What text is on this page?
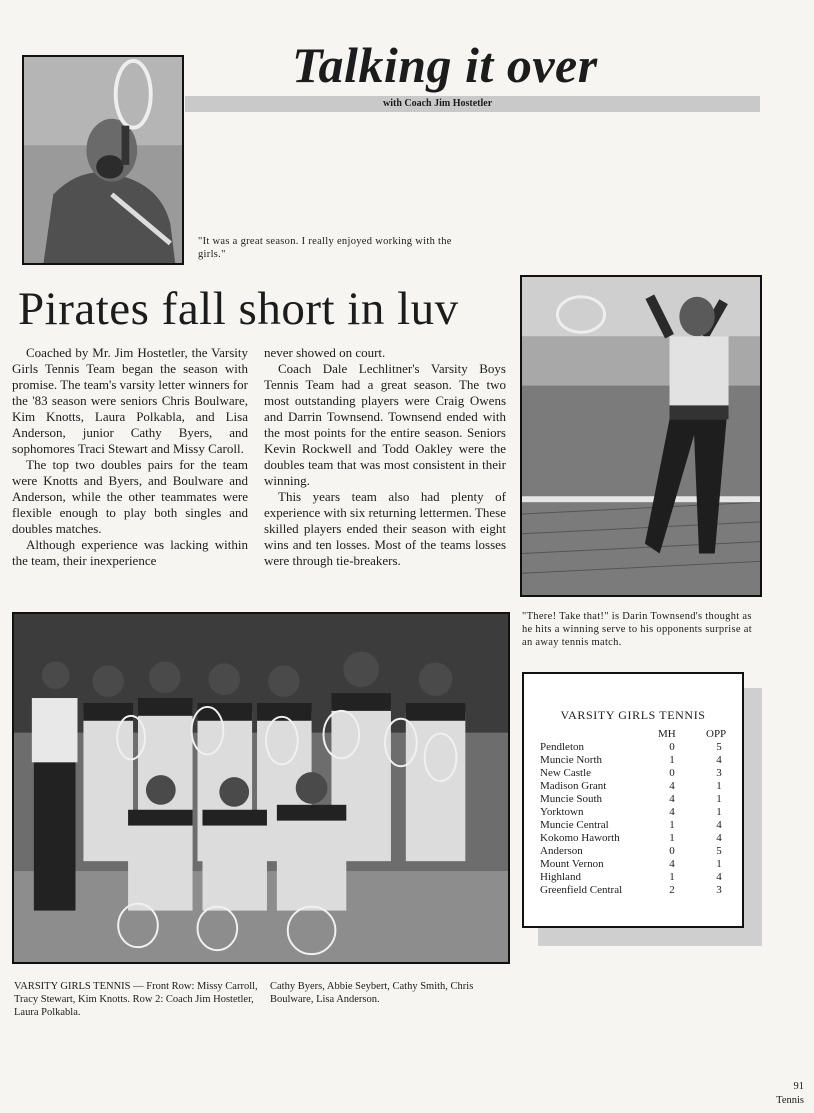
Talking it over
with Coach Jim Hostetler
"It was a great season. I really enjoyed working with the girls."
Pirates fall short in luv

Coached by Mr. Jim Hostetler, the Varsity Girls Tennis Team began the season with promise. The team's varsity letter winners for the '83 season were seniors Chris Boulware, Kim Knotts, Laura Polkabla, and Lisa Anderson, junior Cathy Byers, and sophomores Traci Stewart and Missy Caroll.

The top two doubles pairs for the team were Knotts and Byers, and Boulware and Anderson, while the other teammates were flexible enough to play both singles and doubles matches.

Although experience was lacking within the team, their inexperience

never showed on court.

Coach Dale Lechlitner's Varsity Boys Tennis Team had a great season. The two most outstanding players were Craig Owens and Darrin Townsend. Townsend ended with the most points for the entire season. Seniors Kevin Rockwell and Todd Oakley were the doubles team that was most consistent in their winning.

This years team also had plenty of experience with six returning lettermen. These skilled players ended their season with eight wins and ten losses. Most of the teams losses were through tie-breakers.

"There! Take that!" is Darin Townsend's thought as he hits a winning serve to his opponents surprise at an away tennis match.
VARSITY GIRLS TENNIS
MH	OPP
Pendleton	0	5
Muncie North	1	4
New Castle	0	3
Madison Grant	4	1
Muncie South	4	1
Yorktown	4	1
Muncie Central	1	4
Kokomo Haworth	1	4
Anderson	0	5
Mount Vernon	4	1
Highland	1	4
Greenfield Central	2	3
VARSITY GIRLS TENNIS — Front Row: Missy Carroll, Tracy Stewart, Kim Knotts. Row 2: Coach Jim Hostetler, Laura Polkabla.
Cathy Byers, Abbie Seybert, Cathy Smith, Chris Boulware, Lisa Anderson.
91
Tennis
